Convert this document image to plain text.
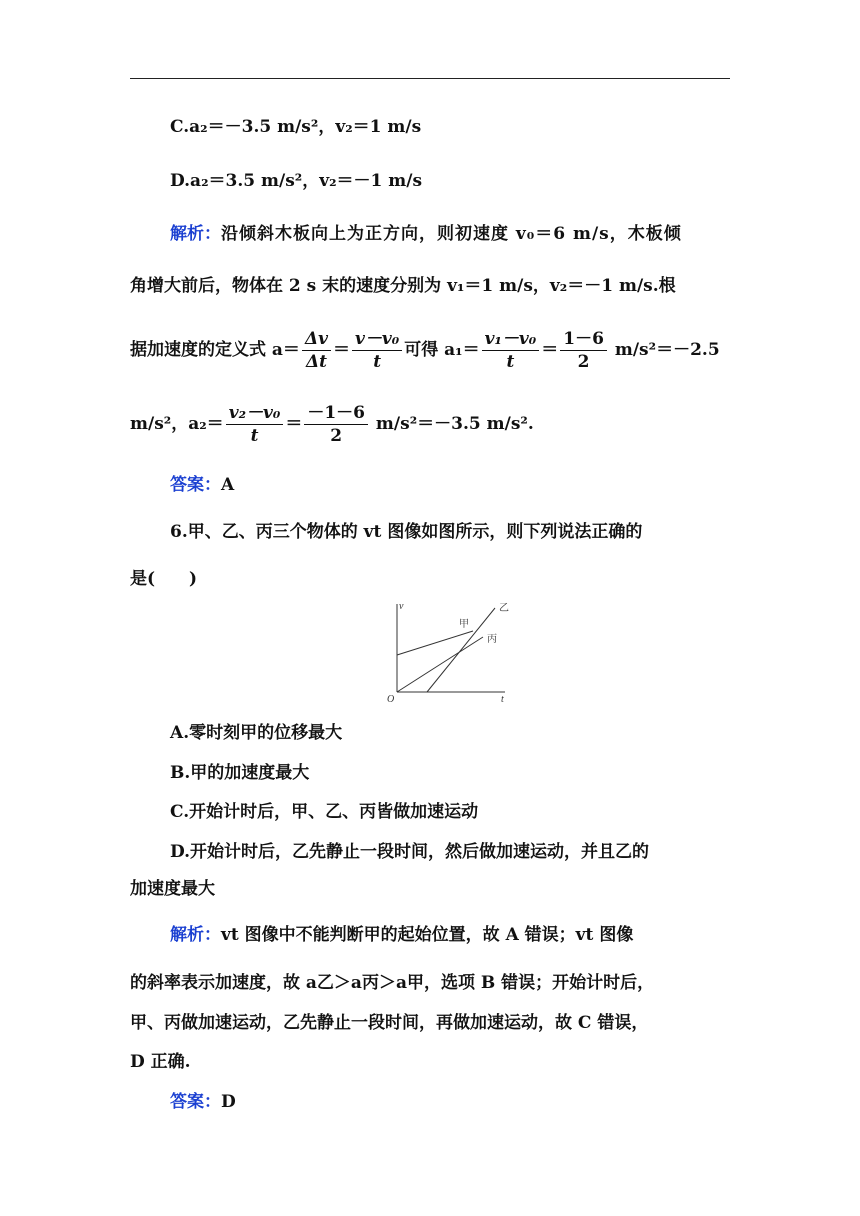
C.a₂＝－3.5 m/s²，v₂＝1 m/s
D.a₂＝3.5 m/s²，v₂＝－1 m/s
解析：沿倾斜木板向上为正方向，则初速度 v₀＝6 m/s，木板倾
角增大前后，物体在 2 s 末的速度分别为 v₁＝1 m/s，v₂＝－1 m/s.根
据加速度的定义式 $a= \frac{\Delta v}{\Delta t} = \frac{\text{v－v₀}}{t}$ 可得 $a_1= \frac{\text{v₁－v₀}}{t} = \frac{1-6}{2} m/s^2=-2.5$
m/s²，$a_2= \frac{\text{v₂－v₀}}{t} = \frac{-1-6}{2} m/s^2=-3.5$ m/s².
答案：A
6.甲、乙、丙三个物体的 vt 图像如图所示，则下列说法正确的
是(　　)
v
t
O
甲
乙
丙
A.零时刻甲的位移最大
B.甲的加速度最大
C.开始计时后，甲、乙、丙皆做加速运动
D.开始计时后，乙先静止一段时间，然后做加速运动，并且乙的
加速度最大
解析：vt 图像中不能判断甲的起始位置，故 A 错误；vt 图像
的斜率表示加速度，故 a乙＞a丙＞a甲，选项 B 错误；开始计时后，
甲、丙做加速运动，乙先静止一段时间，再做加速运动，故 C 错误，
D 正确.
答案：D
